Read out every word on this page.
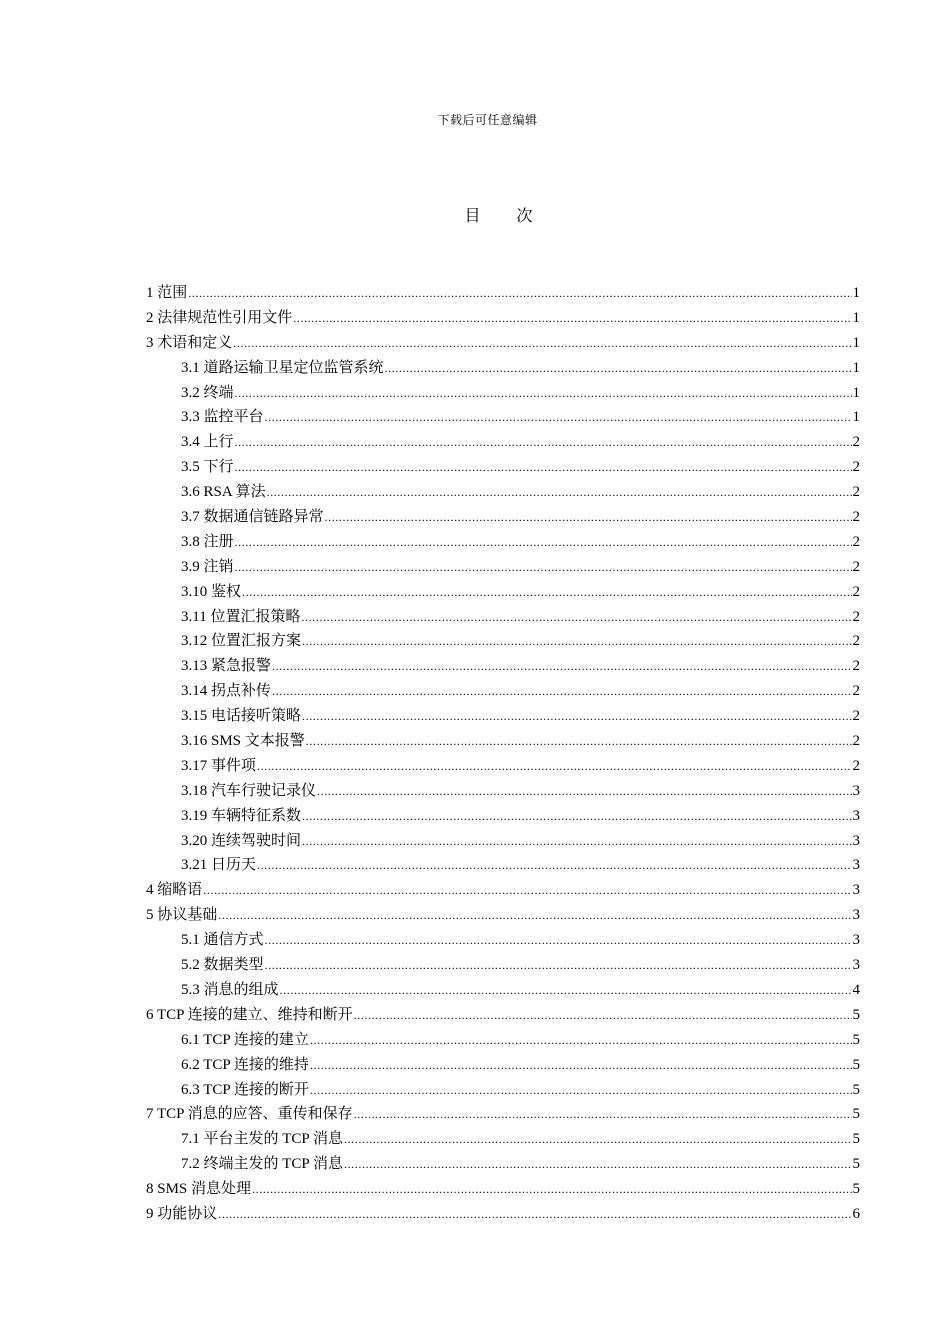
下载后可任意编辑
目 次
1 范围 .....	1
2 法律规范性引用文件 .....	1
3 术语和定义 .....	1
3.1 道路运输卫星定位监管系统 .....	1
3.2 终端 .....	1
3.3 监控平台 .....	1
3.4 上行 .....	2
3.5 下行 .....	2
3.6 RSA 算法 .....	2
3.7 数据通信链路异常 .....	2
3.8 注册 .....	2
3.9 注销 .....	2
3.10 鉴权 .....	2
3.11 位置汇报策略 .....	2
3.12 位置汇报方案 .....	2
3.13 紧急报警 .....	2
3.14 拐点补传 .....	2
3.15 电话接听策略 .....	2
3.16 SMS 文本报警 .....	2
3.17 事件项 .....	2
3.18 汽车行驶记录仪 .....	3
3.19 车辆特征系数 .....	3
3.20 连续驾驶时间 .....	3
3.21 日历天 .....	3
4 缩略语 .....	3
5 协议基础 .....	3
5.1 通信方式 .....	3
5.2 数据类型 .....	3
5.3 消息的组成 .....	4
6 TCP 连接的建立、维持和断开 .....	5
6.1 TCP 连接的建立 .....	5
6.2 TCP 连接的维持 .....	5
6.3 TCP 连接的断开 .....	5
7 TCP 消息的应答、重传和保存 .....	5
7.1 平台主发的 TCP 消息 .....	5
7.2 终端主发的 TCP 消息 .....	5
8 SMS 消息处理 .....	5
9 功能协议 .....	6
